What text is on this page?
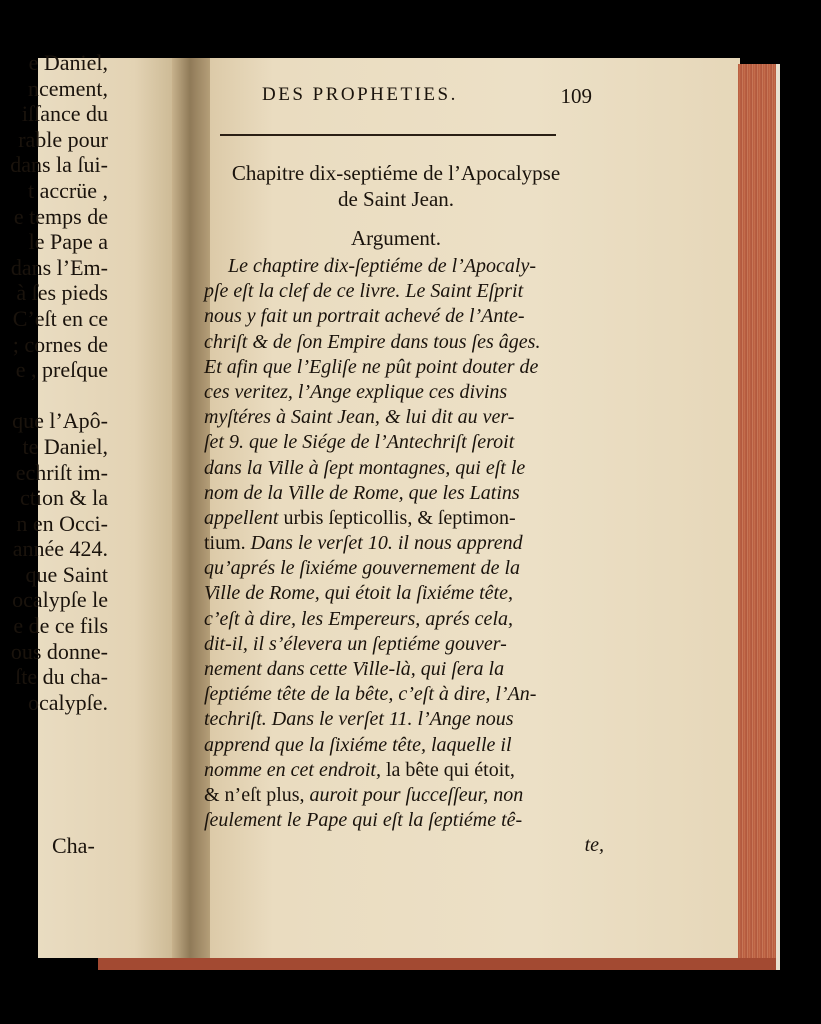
e Daniel,
ncement,
iſſance du
rable pour
dans la ſui-
t accrüe ,
e temps de
le Pape a
dans l’Em-
à ſes pieds
C’eſt en ce
; cornes de
e , preſque
que l’Apô-
te Daniel,
echriſt im-
ction & la
n en Occi-
année 424.
que Saint
ocalypſe le
e de ce fils
ous donne-
ſte du cha-
ocalypſe.
Cha-
DES PROPHETIES.	109
Chapitre dix-septiéme de l’Apocalypse
de Saint Jean.
Argument.
Le chaptire dix-ſeptiéme de l’Apocaly-
pſe eſt la clef de ce livre. Le Saint Eſprit
nous y fait un portrait achevé de l’Ante-
chriſt & de ſon Empire dans tous ſes âges.
Et afin que l’Egliſe ne pût point douter de
ces veritez, l’Ange explique ces divins
myſtéres à Saint Jean, & lui dit au ver-
ſet 9. que le Siége de l’Antechriſt ſeroit
dans la Ville à ſept montagnes, qui eſt le
nom de la Ville de Rome, que les Latins
appellent urbis ſepticollis, & ſeptimon-
tium. Dans le verſet 10. il nous apprend
qu’aprés le ſixiéme gouvernement de la
Ville de Rome, qui étoit la ſixiéme tête,
c’eſt à dire, les Empereurs, aprés cela,
dit-il, il s’élevera un ſeptiéme gouver-
nement dans cette Ville-là, qui ſera la
ſeptiéme tête de la bête, c’eſt à dire, l’An-
techriſt. Dans le verſet 11. l’Ange nous
apprend que la ſixiéme tête, laquelle il
nomme en cet endroit, la bête qui étoit,
& n’eſt plus, auroit pour ſucceſſeur, non
ſeulement le Pape qui eſt la ſeptiéme tê-
te,
